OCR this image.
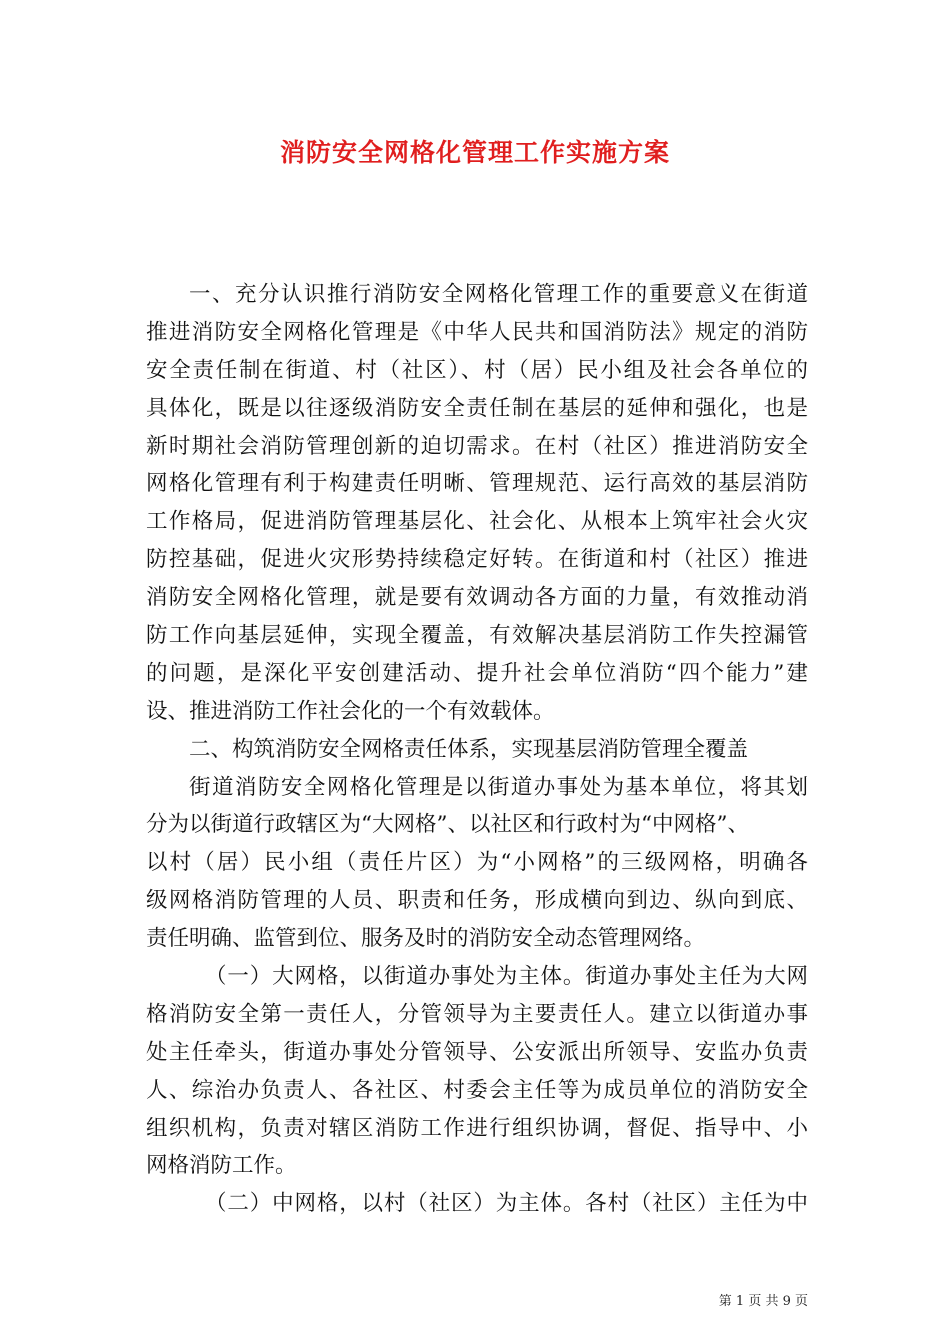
消防安全网格化管理工作实施方案
一、充分认识推行消防安全网格化管理工作的重要意义在街道
推进消防安全网格化管理是《中华人民共和国消防法》规定的消防
安全责任制在街道、村（社区）、村（居）民小组及社会各单位的
具体化，既是以往逐级消防安全责任制在基层的延伸和强化，也是
新时期社会消防管理创新的迫切需求。在村（社区）推进消防安全
网格化管理有利于构建责任明晰、管理规范、运行高效的基层消防
工作格局，促进消防管理基层化、社会化、从根本上筑牢社会火灾
防控基础，促进火灾形势持续稳定好转。在街道和村（社区）推进
消防安全网格化管理，就是要有效调动各方面的力量，有效推动消
防工作向基层延伸，实现全覆盖，有效解决基层消防工作失控漏管
的问题，是深化平安创建活动、提升社会单位消防“四个能力”建
设、推进消防工作社会化的一个有效载体。
二、构筑消防安全网格责任体系，实现基层消防管理全覆盖
街道消防安全网格化管理是以街道办事处为基本单位，将其划
分为以街道行政辖区为“大网格”、以社区和行政村为“中网格”、
以村（居）民小组（责任片区）为“小网格”的三级网格，明确各
级网格消防管理的人员、职责和任务，形成横向到边、纵向到底、
责任明确、监管到位、服务及时的消防安全动态管理网络。
（一）大网格，以街道办事处为主体。街道办事处主任为大网
格消防安全第一责任人，分管领导为主要责任人。建立以街道办事
处主任牵头，街道办事处分管领导、公安派出所领导、安监办负责
人、综治办负责人、各社区、村委会主任等为成员单位的消防安全
组织机构，负责对辖区消防工作进行组织协调，督促、指导中、小
网格消防工作。
（二）中网格，以村（社区）为主体。各村（社区）主任为中
第 1 页 共 9 页
